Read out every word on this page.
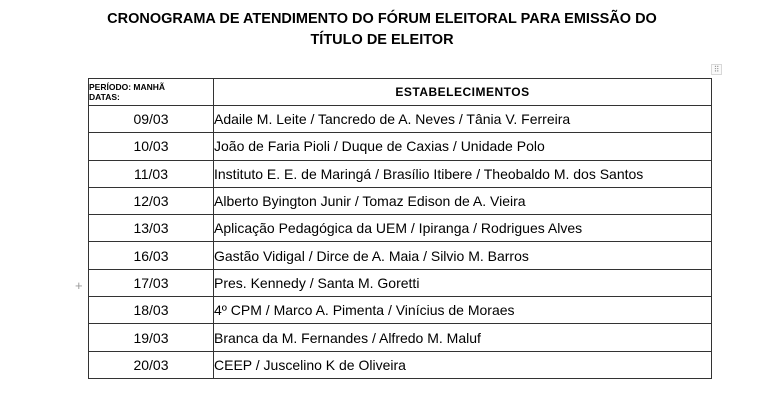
CRONOGRAMA DE ATENDIMENTO DO FÓRUM ELEITORAL PARA EMISSÃO DO
TÍTULO DE ELEITOR
⠿
+
PERÍODO: MANHÃ
DATAS:	ESTABELECIMENTOS
09/03	Adaile M. Leite / Tancredo de A. Neves / Tânia V. Ferreira
10/03	João de Faria Pioli / Duque de Caxias / Unidade Polo
11/03	Instituto E. E. de Maringá / Brasílio Itibere / Theobaldo M. dos Santos
12/03	Alberto Byington Junir / Tomaz Edison de A. Vieira
13/03	Aplicação Pedagógica da UEM / Ipiranga / Rodrigues Alves
16/03	Gastão Vidigal / Dirce de A. Maia / Silvio M. Barros
17/03	Pres. Kennedy / Santa M. Goretti
18/03	4º CPM / Marco A. Pimenta / Vinícius de Moraes
19/03	Branca da M. Fernandes / Alfredo M. Maluf
20/03	CEEP / Juscelino K de Oliveira
